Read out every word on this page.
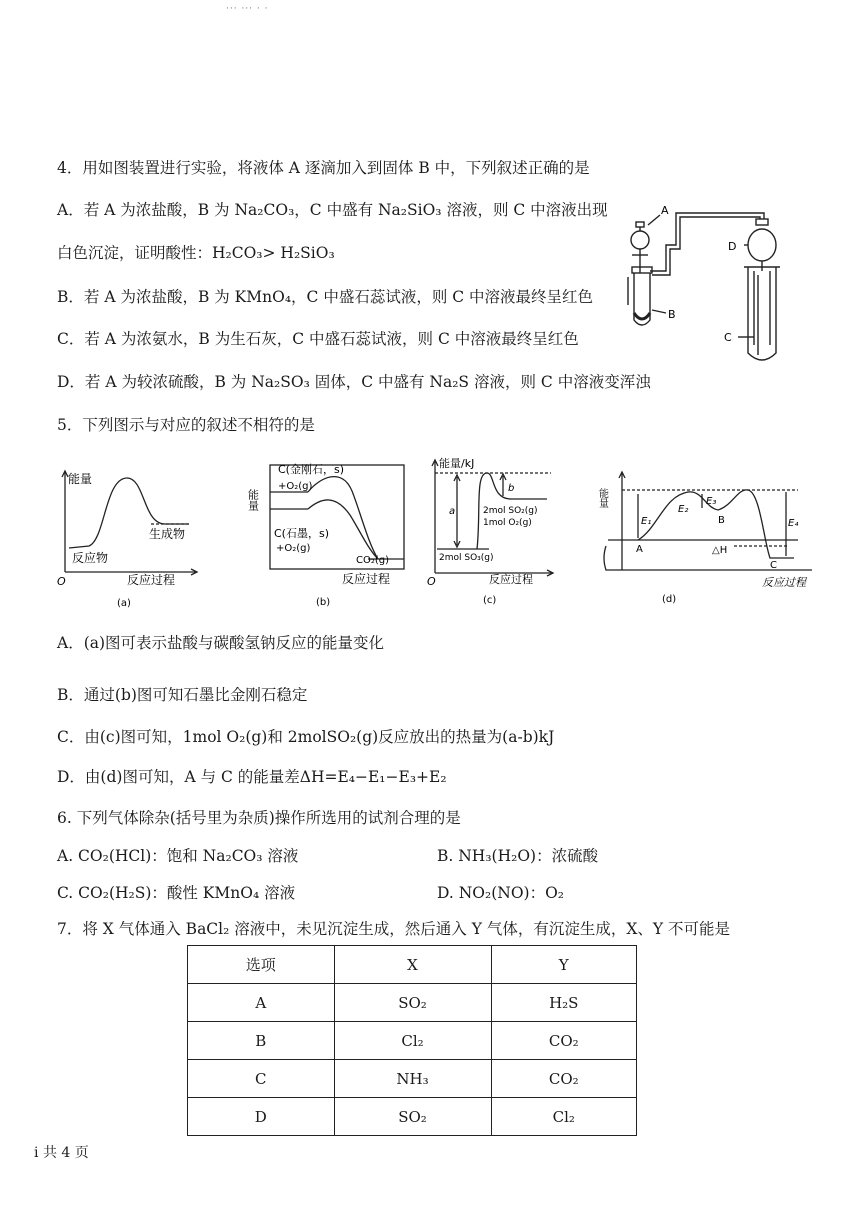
··· ··· · ·
4．用如图装置进行实验，将液体 A 逐滴加入到固体 B 中，下列叙述正确的是
A．若 A 为浓盐酸，B 为 Na₂CO₃，C 中盛有 Na₂SiO₃ 溶液，则 C 中溶液出现
白色沉淀，证明酸性：H₂CO₃> H₂SiO₃
B．若 A 为浓盐酸，B 为 KMnO₄，C 中盛石蕊试液，则 C 中溶液最终呈红色
C．若 A 为浓氨水，B 为生石灰，C 中盛石蕊试液，则 C 中溶液最终呈红色
D．若 A 为较浓硫酸，B 为 Na₂SO₃ 固体，C 中盛有 Na₂S 溶液，则 C 中溶液变浑浊
A
B
D
C
5．下列图示与对应的叙述不相符的是
能量
生成物
反应物
O	反应过程
(a)
C(金刚石，s)
+O₂(g)
C(石墨，s)
+O₂(g)
CO₂(g)
能量
反应过程
(b)
能量/kJ
a
b
2mol SO₂(g)
1mol O₂(g)
2mol SO₃(g)
O	反应过程
(c)
能量
E₁
E₂
E₃
E₄
A
B
C
△H
反应过程
(d)
A．(a)图可表示盐酸与碳酸氢钠反应的能量变化
B．通过(b)图可知石墨比金刚石稳定
C．由(c)图可知，1mol O₂(g)和 2molSO₂(g)反应放出的热量为(a-b)kJ
D．由(d)图可知，A 与 C 的能量差ΔH=E₄−E₁−E₃+E₂
6. 下列气体除杂(括号里为杂质)操作所选用的试剂合理的是
A. CO₂(HCl)：饱和 Na₂CO₃ 溶液	B. NH₃(H₂O)：浓硫酸
C. CO₂(H₂S)：酸性 KMnO₄ 溶液	D. NO₂(NO)：O₂
7．将 X 气体通入 BaCl₂ 溶液中，未见沉淀生成，然后通入 Y 气体，有沉淀生成，X、Y 不可能是
选项	X	Y
A	SO₂	H₂S
B	Cl₂	CO₂
C	NH₃	CO₂
D	SO₂	Cl₂
i 共 4 页
